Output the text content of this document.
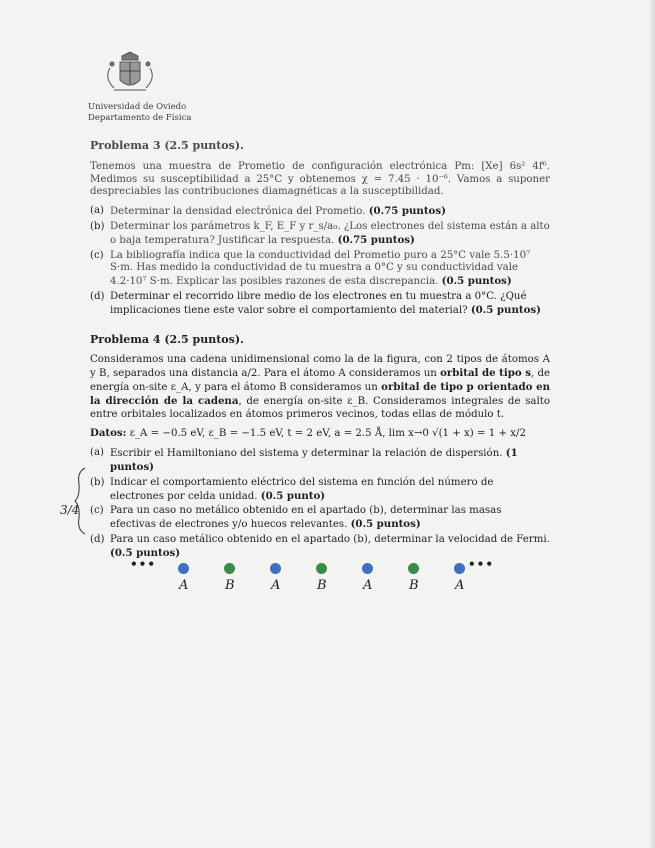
Universidad de Oviedo
Departamento de Física
Problema 3 (2.5 puntos).
Tenemos una muestra de Prometio de configuración electrónica Pm: [Xe] 6s² 4f⁶. Medimos su susceptibilidad a 25°C y obtenemos χ = 7.45 · 10⁻⁶. Vamos a suponer despreciables las contribuciones diamagnéticas a la susceptibilidad.
(a) Determinar la densidad electrónica del Prometio. (0.75 puntos)
(b) Determinar los parámetros k_F, E_F y r_s/a₀. ¿Los electrones del sistema están a alto o baja temperatura? Justificar la respuesta. (0.75 puntos)
(c) La bibliografía indica que la conductividad del Prometio puro a 25°C vale 5.5·10⁷ S·m. Has medido la conductividad de tu muestra a 0°C y su conductividad vale 4.2·10⁷ S·m. Explicar las posibles razones de esta discrepancia. (0.5 puntos)
(d) Determinar el recorrido libre medio de los electrones en tu muestra a 0°C. ¿Qué implicaciones tiene este valor sobre el comportamiento del material? (0.5 puntos)
Problema 4 (2.5 puntos).
Consideramos una cadena unidimensional como la de la figura, con 2 tipos de átomos A y B, separados una distancia a/2. Para el átomo A consideramos un orbital de tipo s, de energía on-site ε_A, y para el átomo B consideramos un orbital de tipo p orientado en la dirección de la cadena, de energía on-site ε_B. Consideramos integrales de salto entre orbitales localizados en átomos primeros vecinos, todas ellas de módulo t.
Datos: ε_A = −0.5 eV, ε_B = −1.5 eV, t = 2 eV, a = 2.5 Å, lim x→0 √(1 + x) = 1 + x/2
(a) Escribir el Hamiltoniano del sistema y determinar la relación de dispersión. (1 puntos)
(b) Indicar el comportamiento eléctrico del sistema en función del número de electrones por celda unidad. (0.5 punto)
(c) Para un caso no metálico obtenido en el apartado (b), determinar las masas efectivas de electrones y/o huecos relevantes. (0.5 puntos)
(d) Para un caso metálico obtenido en el apartado (b), determinar la velocidad de Fermi. (0.5 puntos)
3/4
•••
A	B	A	B	A	B	A
•••
